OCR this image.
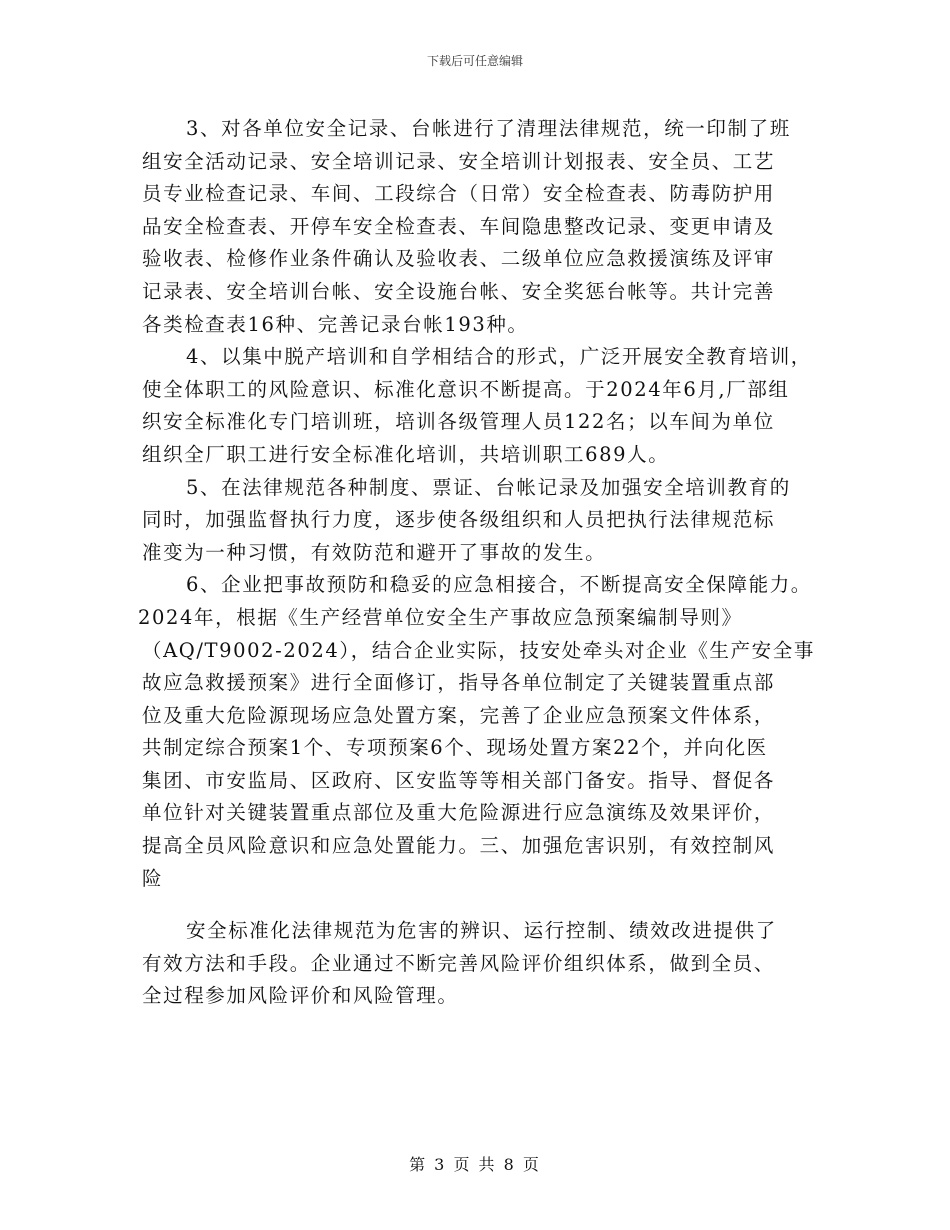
下载后可任意编辑
3、对各单位安全记录、台帐进行了清理法律规范，统一印制了班
组安全活动记录、安全培训记录、安全培训计划报表、安全员、工艺
员专业检查记录、车间、工段综合（日常）安全检查表、防毒防护用
品安全检查表、开停车安全检查表、车间隐患整改记录、变更申请及
验收表、检修作业条件确认及验收表、二级单位应急救援演练及评审
记录表、安全培训台帐、安全设施台帐、安全奖惩台帐等。共计完善
各类检查表16种、完善记录台帐193种。
4、以集中脱产培训和自学相结合的形式，广泛开展安全教育培训，
使全体职工的风险意识、标准化意识不断提高。于2024年6月,厂部组
织安全标准化专门培训班，培训各级管理人员122名；以车间为单位
组织全厂职工进行安全标准化培训，共培训职工689人。
5、在法律规范各种制度、票证、台帐记录及加强安全培训教育的
同时，加强监督执行力度，逐步使各级组织和人员把执行法律规范标
准变为一种习惯，有效防范和避开了事故的发生。
6、企业把事故预防和稳妥的应急相接合，不断提高安全保障能力。
2024年，根据《生产经营单位安全生产事故应急预案编制导则》
（AQ/T9002-2024），结合企业实际，技安处牵头对企业《生产安全事
故应急救援预案》进行全面修订，指导各单位制定了关键装置重点部
位及重大危险源现场应急处置方案，完善了企业应急预案文件体系，
共制定综合预案1个、专项预案6个、现场处置方案22个，并向化医
集团、市安监局、区政府、区安监等等相关部门备安。指导、督促各
单位针对关键装置重点部位及重大危险源进行应急演练及效果评价，
提高全员风险意识和应急处置能力。三、加强危害识别，有效控制风
险
安全标准化法律规范为危害的辨识、运行控制、绩效改进提供了
有效方法和手段。企业通过不断完善风险评价组织体系，做到全员、
全过程参加风险评价和风险管理。
第 3 页 共 8 页
